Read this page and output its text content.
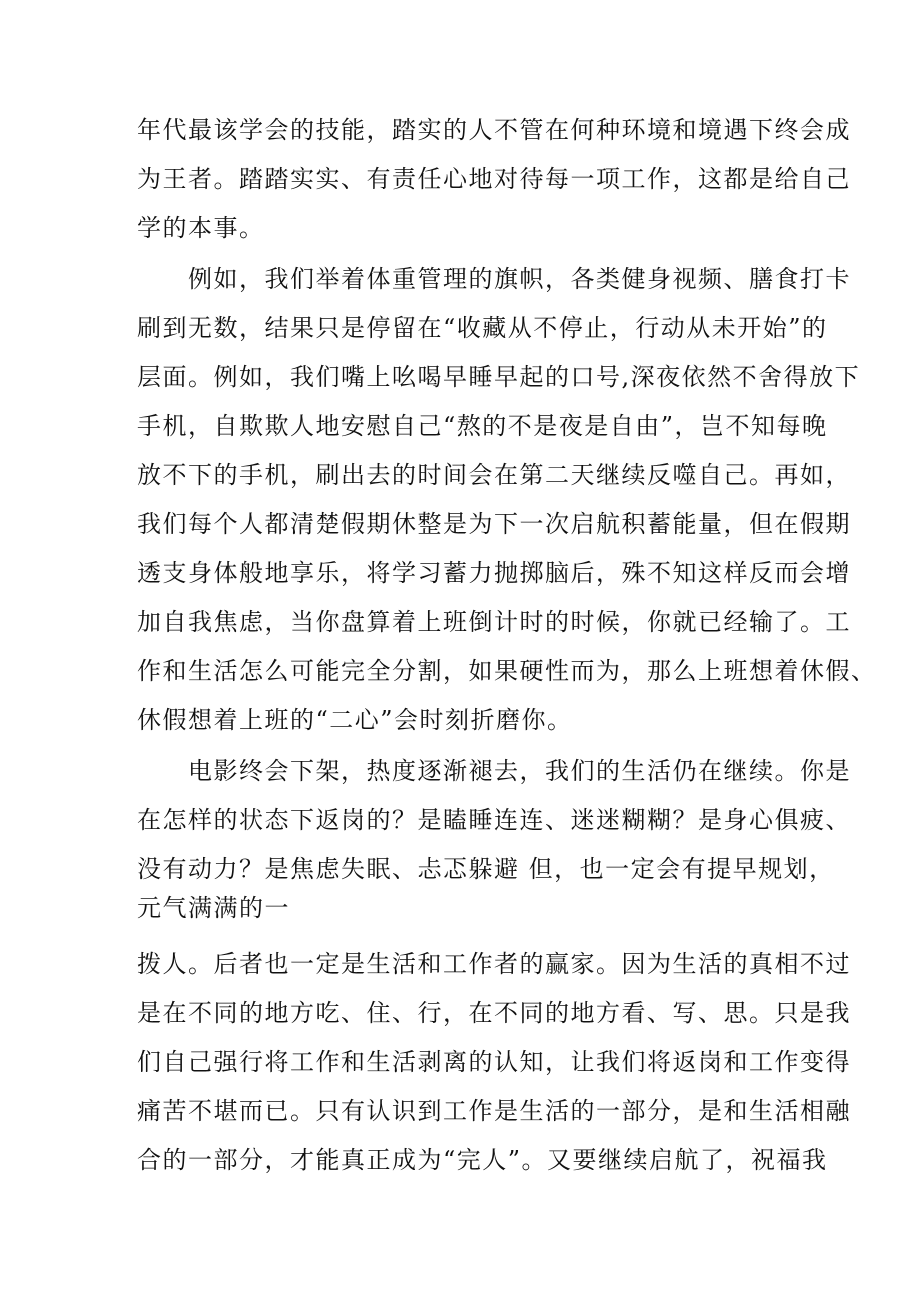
年代最该学会的技能，踏实的人不管在何种环境和境遇下终会成
为王者。踏踏实实、有责任心地对待每一项工作，这都是给自己
学的本事。
例如，我们举着体重管理的旗帜，各类健身视频、膳食打卡
刷到无数，结果只是停留在“收藏从不停止，行动从未开始”的
层面。例如，我们嘴上吆喝早睡早起的口号,深夜依然不舍得放下
手机，自欺欺人地安慰自己“熬的不是夜是自由”，岂不知每晚
放不下的手机，刷出去的时间会在第二天继续反噬自己。再如，
我们每个人都清楚假期休整是为下一次启航积蓄能量，但在假期
透支身体般地享乐，将学习蓄力抛掷脑后，殊不知这样反而会增
加自我焦虑，当你盘算着上班倒计时的时候，你就已经输了。工
作和生活怎么可能完全分割，如果硬性而为，那么上班想着休假、
休假想着上班的“二心”会时刻折磨你。
电影终会下架，热度逐渐褪去，我们的生活仍在继续。你是
在怎样的状态下返岗的？是瞌睡连连、迷迷糊糊？是身心俱疲、
没有动力？是焦虑失眠、忐忑躲避 但，也一定会有提早规划，
元气满满的一
拨人。后者也一定是生活和工作者的赢家。因为生活的真相不过
是在不同的地方吃、住、行，在不同的地方看、写、思。只是我
们自己强行将工作和生活剥离的认知，让我们将返岗和工作变得
痛苦不堪而已。只有认识到工作是生活的一部分，是和生活相融
合的一部分，才能真正成为“完人”。又要继续启航了，祝福我
